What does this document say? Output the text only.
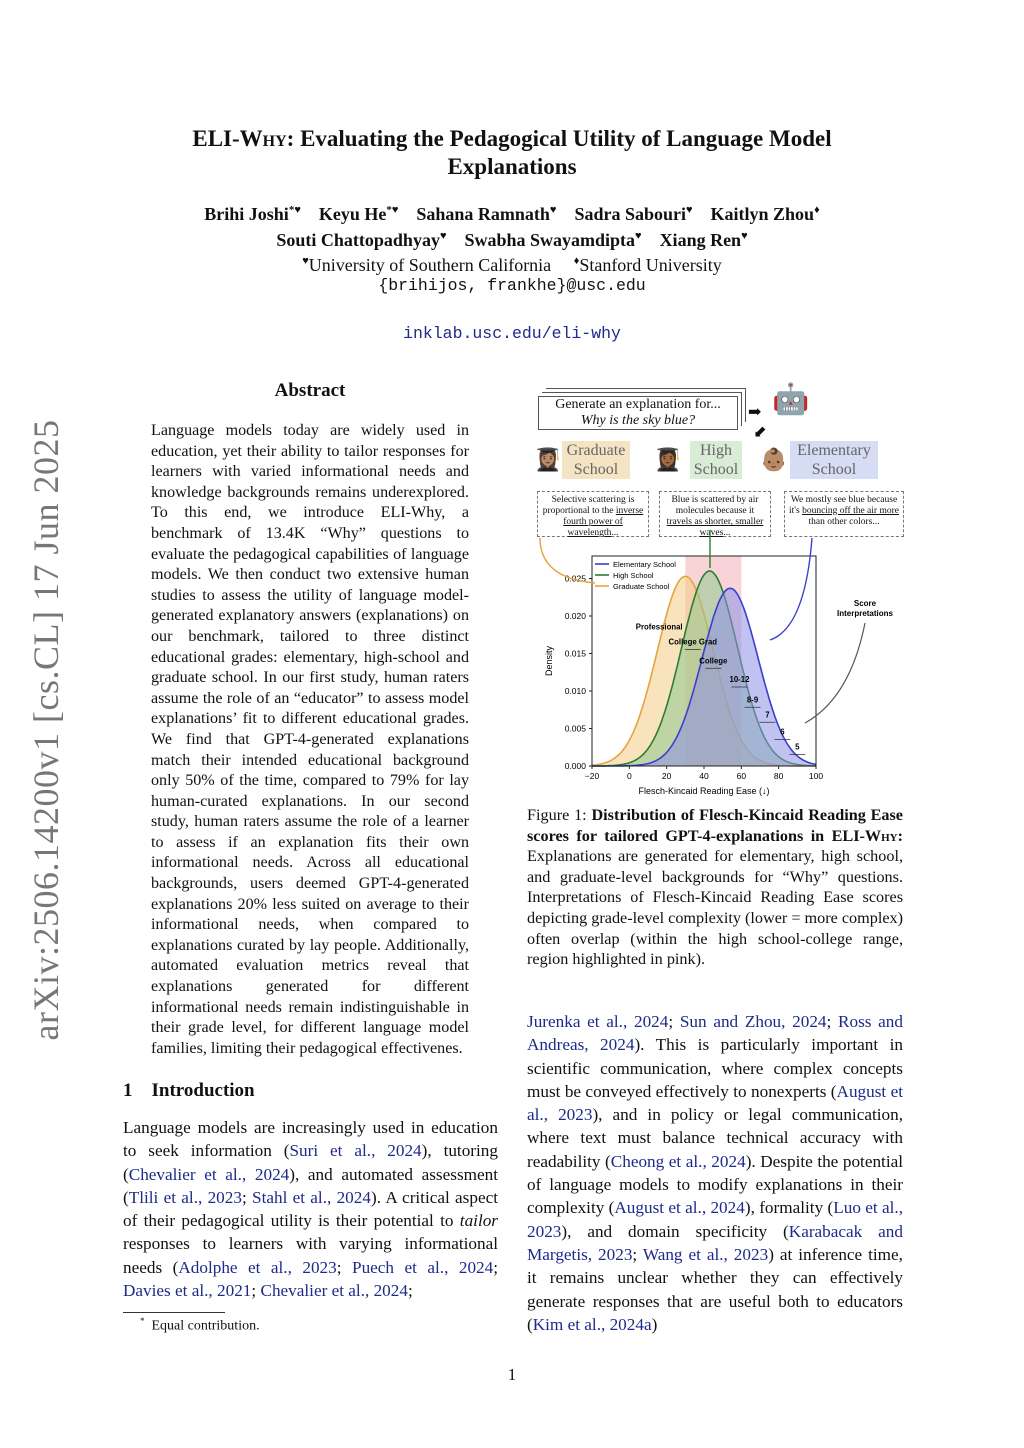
arXiv:2506.14200v1 [cs.CL] 17 Jun 2025
ELI-Why: Evaluating the Pedagogical Utility of Language Model
Explanations
Brihi Joshi*♥ Keyu He*♥ Sahana Ramnath♥ Sadra Sabouri♥ Kaitlyn Zhou♦
Souti Chattopadhyay♥ Swabha Swayamdipta♥ Xiang Ren♥
♥University of Southern California ♦Stanford University
{brihijos, frankhe}@usc.edu
inklab.usc.edu/eli-why
Abstract
Language models today are widely used in education, yet their ability to tailor responses for learners with varied informational needs and knowledge backgrounds remains underexplored. To this end, we introduce ELI-Why, a benchmark of 13.4K “Why” questions to evaluate the pedagogical capabilities of language models. We then conduct two extensive human studies to assess the utility of language model-generated explanatory answers (explanations) on our benchmark, tailored to three distinct educational grades: elementary, high-school and graduate school. In our first study, human raters assume the role of an “educator” to assess model explanations’ fit to different educational grades. We find that GPT-4-generated explanations match their intended educational background only 50% of the time, compared to 79% for lay human-curated explanations. In our second study, human raters assume the role of a learner to assess if an explanation fits their own informational needs. Across all educational backgrounds, users deemed GPT-4-generated explanations 20% less suited on average to their informational needs, when compared to explanations curated by lay people. Additionally, automated evaluation metrics reveal that explanations generated for different informational needs remain indistinguishable in their grade level, for different language model families, limiting their pedagogical effectivenes.
1 Introduction
Language models are increasingly used in education to seek information (Suri et al., 2024), tutoring (Chevalier et al., 2024), and automated assessment (Tlili et al., 2023; Stahl et al., 2024). A critical aspect of their pedagogical utility is their potential to tailor responses to learners with varying informational needs (Adolphe et al., 2023; Puech et al., 2024; Davies et al., 2021; Chevalier et al., 2024;
* Equal contribution.
Generate an explanation for...
Why is the sky blue?	➡ 🤖
➡
👩🏽‍🎓 Graduate School	👩🏾‍🎓	High School 👶🏽 Elementary School
Selective scattering is proportional to the inverse fourth power of wavelength...
Blue is scattered by air molecules because it travels as shorter, smaller waves...
We mostly see blue because it's bouncing off the air more than other colors...
−20	0	20	40	60	80	100
0.000
0.005
0.010
0.015
0.020
0.025
Flesch-Kincaid Reading Ease (↓)
Density
Elementary School
High School
Graduate School
Professional
College Grad
College
10-12
8-9
7
6
5
Score
Interpretations
Figure 1: Distribution of Flesch-Kincaid Reading Ease scores for tailored GPT-4-explanations in ELI-Why: Explanations are generated for elementary, high school, and graduate-level backgrounds for “Why” questions. Interpretations of Flesch-Kincaid Reading Ease scores depicting grade-level complexity (lower = more complex) often overlap (within the high school-college range, region highlighted in pink).
Jurenka et al., 2024; Sun and Zhou, 2024; Ross and Andreas, 2024). This is particularly important in scientific communication, where complex concepts must be conveyed effectively to nonexperts (August et al., 2023), and in policy or legal communication, where text must balance technical accuracy with readability (Cheong et al., 2024). Despite the potential of language models to modify explanations in their complexity (August et al., 2024), formality (Luo et al., 2023), and domain specificity (Karabacak and Margetis, 2023; Wang et al., 2023) at inference time, it remains unclear whether they can effectively generate responses that are useful both to educators (Kim et al., 2024a)
1
